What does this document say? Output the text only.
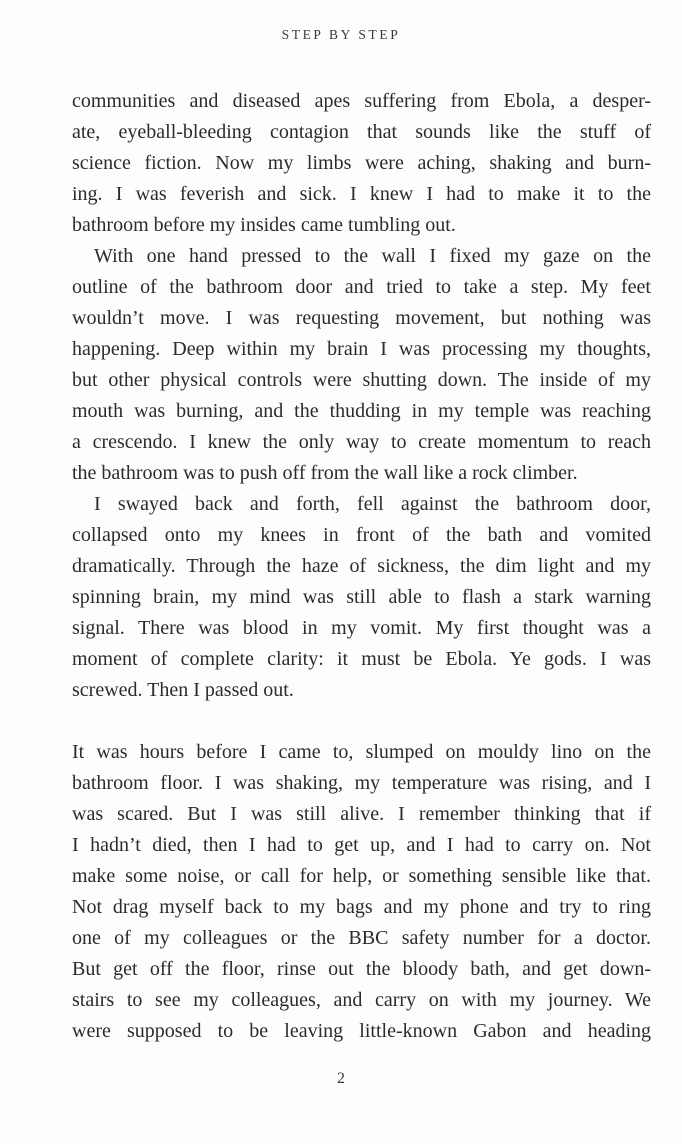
STEP BY STEP
communities and diseased apes suffering from Ebola, a desper-
ate, eyeball-bleeding contagion that sounds like the stuff of
science fiction. Now my limbs were aching, shaking and burn-
ing. I was feverish and sick. I knew I had to make it to the
bathroom before my insides came tumbling out.
With one hand pressed to the wall I fixed my gaze on the
outline of the bathroom door and tried to take a step. My feet
wouldn’t move. I was requesting movement, but nothing was
happening. Deep within my brain I was processing my thoughts,
but other physical controls were shutting down. The inside of my
mouth was burning, and the thudding in my temple was reaching
a crescendo. I knew the only way to create momentum to reach
the bathroom was to push off from the wall like a rock climber.
I swayed back and forth, fell against the bathroom door,
collapsed onto my knees in front of the bath and vomited
dramatically. Through the haze of sickness, the dim light and my
spinning brain, my mind was still able to flash a stark warning
signal. There was blood in my vomit. My first thought was a
moment of complete clarity: it must be Ebola. Ye gods. I was
screwed. Then I passed out.
It was hours before I came to, slumped on mouldy lino on the
bathroom floor. I was shaking, my temperature was rising, and I
was scared. But I was still alive. I remember thinking that if
I hadn’t died, then I had to get up, and I had to carry on. Not
make some noise, or call for help, or something sensible like that.
Not drag myself back to my bags and my phone and try to ring
one of my colleagues or the BBC safety number for a doctor.
But get off the floor, rinse out the bloody bath, and get down-
stairs to see my colleagues, and carry on with my journey. We
were supposed to be leaving little-known Gabon and heading
2
